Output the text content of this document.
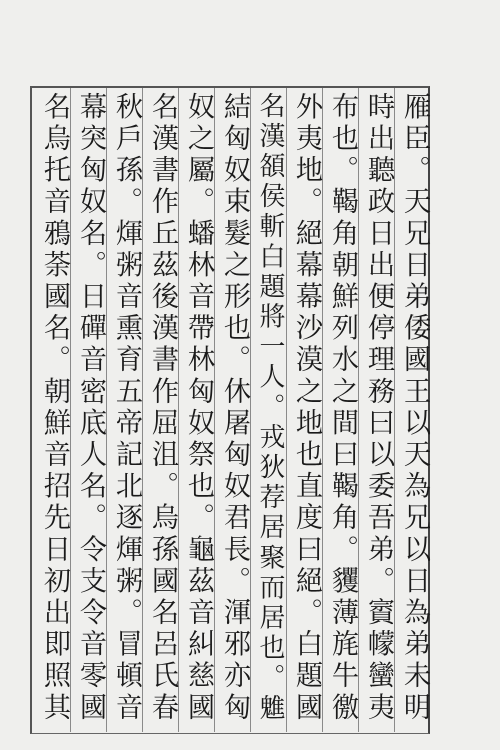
雁臣。天兄日弟倭國王以天為兄以日為弟未明
時出聽政日出便停理務曰以委吾弟。賨幪蠻夷
布也。鞨角朝鮮列水之間曰鞨角。貜薄旄牛徼
外夷地。絕幕幕沙漠之地也直度曰絕。白題國
名漢頟侯斬白題將一人。戎狄荐居聚而居也。魋
結匈奴束髮之形也。休屠匈奴君長。渾邪亦匈
奴之屬。蟠林音帶林匈奴祭也。龜茲音糾慈國
名漢書作丘茲後漢書作屈沮。烏孫國名呂氏春
秋戶孫。煇粥音熏育五帝記北逐煇粥。冒頓音
幕突匈奴名。日磾音密底人名。令支令音零國
名烏托音鴉荼國名。朝鮮音招先日初出即照其
